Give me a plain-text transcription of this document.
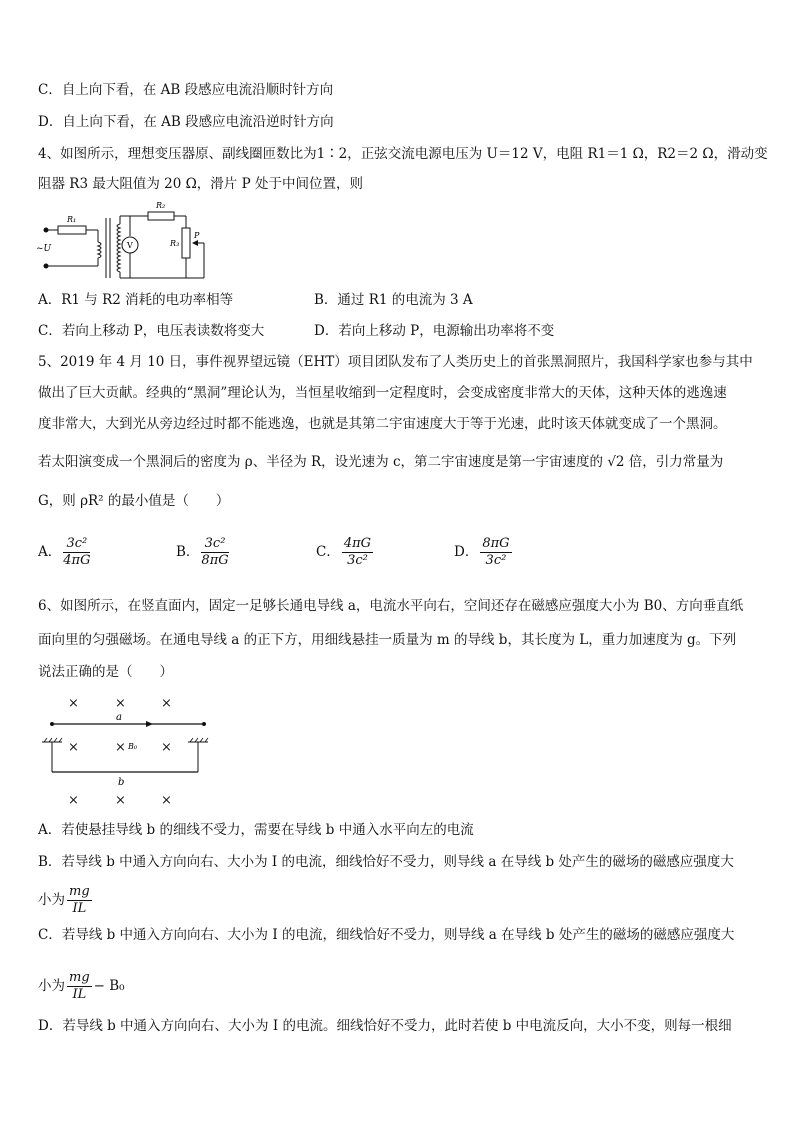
C．自上向下看，在 AB 段感应电流沿顺时针方向
D．自上向下看，在 AB 段感应电流沿逆时针方向
4、如图所示，理想变压器原、副线圈匝数比为1∶2，正弦交流电源电压为 U＝12 V，电阻 R1＝1 Ω，R2＝2 Ω，滑动变
阻器 R3 最大阻值为 20 Ω，滑片 P 处于中间位置，则
~U
R₁
R₂
V	R₃
P
A．R1 与 R2 消耗的电功率相等	B．通过 R1 的电流为 3 A
C．若向上移动 P，电压表读数将变大	D．若向上移动 P，电源输出功率将不变
5、2019 年 4 月 10 日，事件视界望远镜（EHT）项目团队发布了人类历史上的首张黑洞照片，我国科学家也参与其中
做出了巨大贡献。经典的“黑洞”理论认为，当恒星收缩到一定程度时，会变成密度非常大的天体，这种天体的逃逸速
度非常大，大到光从旁边经过时都不能逃逸，也就是其第二宇宙速度大于等于光速，此时该天体就变成了一个黑洞。
若太阳演变成一个黑洞后的密度为 ρ、半径为 R，设光速为 c，第二宇宙速度是第一宇宙速度的 √2 倍，引力常量为
G，则 ρR² 的最小值是（　　）
A． $\frac{\text{3c²}}{4\pi G}$	B． $\frac{\text{3c²}}{8\pi G}$	C． $\frac{4\pi G}{\text{3c²}}$	D． $\frac{8\pi G}{\text{3c²}}$
6、如图所示，在竖直面内，固定一足够长通电导线 a，电流水平向右，空间还存在磁感应强度大小为 B0、方向垂直纸
面向里的匀强磁场。在通电导线 a 的正下方，用细线悬挂一质量为 m 的导线 b，其长度为 L，重力加速度为 g。下列
说法正确的是（　　）
×	×	×
×	×	×
×	×	×
a
B₀
b
A．若使悬挂导线 b 的细线不受力，需要在导线 b 中通入水平向左的电流
B．若导线 b 中通入方向向右、大小为 I 的电流，细线恰好不受力，则导线 a 在导线 b 处产生的磁场的磁感应强度大
小为 $\frac{mg}{IL}$
C．若导线 b 中通入方向向右、大小为 I 的电流，细线恰好不受力，则导线 a 在导线 b 处产生的磁场的磁感应强度大
小为 $\frac{mg}{IL} - B_0$
D．若导线 b 中通入方向向右、大小为 I 的电流。细线恰好不受力，此时若使 b 中电流反向，大小不变，则每一根细
